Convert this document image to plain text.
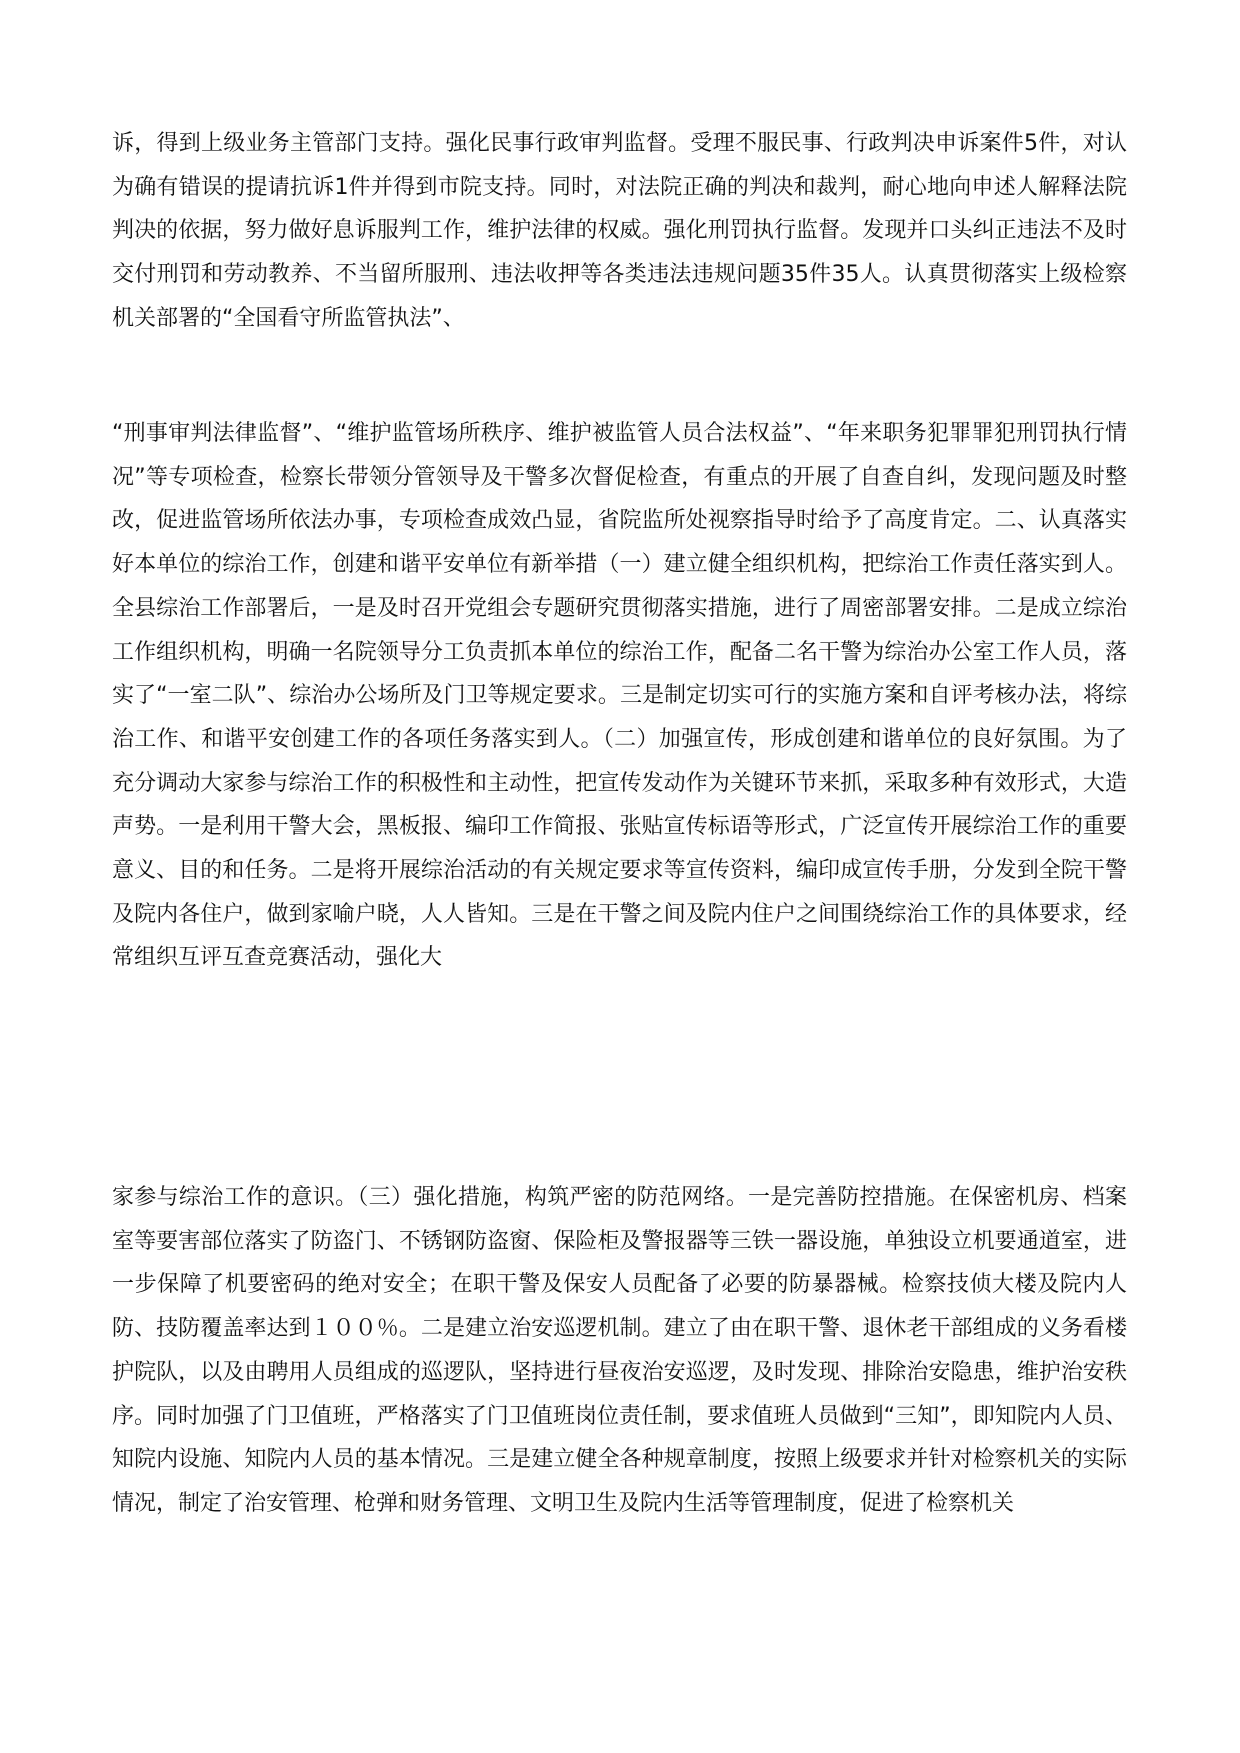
诉，得到上级业务主管部门支持。强化民事行政审判监督。受理不服民事、行政判决申诉案件5件，对认为确有错误的提请抗诉1件并得到市院支持。同时，对法院正确的判决和裁判，耐心地向申述人解释法院判决的依据，努力做好息诉服判工作，维护法律的权威。强化刑罚执行监督。发现并口头纠正违法不及时交付刑罚和劳动教养、不当留所服刑、违法收押等各类违法违规问题35件35人。认真贯彻落实上级检察机关部署的“全国看守所监管执法”、

“刑事审判法律监督”、“维护监管场所秩序、维护被监管人员合法权益”、“年来职务犯罪罪犯刑罚执行情况”等专项检查，检察长带领分管领导及干警多次督促检查，有重点的开展了自查自纠，发现问题及时整改，促进监管场所依法办事，专项检查成效凸显，省院监所处视察指导时给予了高度肯定。二、认真落实好本单位的综治工作，创建和谐平安单位有新举措（一）建立健全组织机构，把综治工作责任落实到人。全县综治工作部署后，一是及时召开党组会专题研究贯彻落实措施，进行了周密部署安排。二是成立综治工作组织机构，明确一名院领导分工负责抓本单位的综治工作，配备二名干警为综治办公室工作人员，落实了“一室二队”、综治办公场所及门卫等规定要求。三是制定切实可行的实施方案和自评考核办法，将综治工作、和谐平安创建工作的各项任务落实到人。（二）加强宣传，形成创建和谐单位的良好氛围。为了充分调动大家参与综治工作的积极性和主动性，把宣传发动作为关键环节来抓，采取多种有效形式，大造声势。一是利用干警大会，黑板报、编印工作简报、张贴宣传标语等形式，广泛宣传开展综治工作的重要意义、目的和任务。二是将开展综治活动的有关规定要求等宣传资料，编印成宣传手册，分发到全院干警及院内各住户，做到家喻户晓，人人皆知。三是在干警之间及院内住户之间围绕综治工作的具体要求，经常组织互评互查竞赛活动，强化大

家参与综治工作的意识。（三）强化措施，构筑严密的防范网络。一是完善防控措施。在保密机房、档案室等要害部位落实了防盗门、不锈钢防盗窗、保险柜及警报器等三铁一器设施，单独设立机要通道室，进一步保障了机要密码的绝对安全；在职干警及保安人员配备了必要的防暴器械。检察技侦大楼及院内人防、技防覆盖率达到１００％。二是建立治安巡逻机制。建立了由在职干警、退休老干部组成的义务看楼护院队，以及由聘用人员组成的巡逻队，坚持进行昼夜治安巡逻，及时发现、排除治安隐患，维护治安秩序。同时加强了门卫值班，严格落实了门卫值班岗位责任制，要求值班人员做到“三知”，即知院内人员、知院内设施、知院内人员的基本情况。三是建立健全各种规章制度，按照上级要求并针对检察机关的实际情况，制定了治安管理、枪弹和财务管理、文明卫生及院内生活等管理制度，促进了检察机关
